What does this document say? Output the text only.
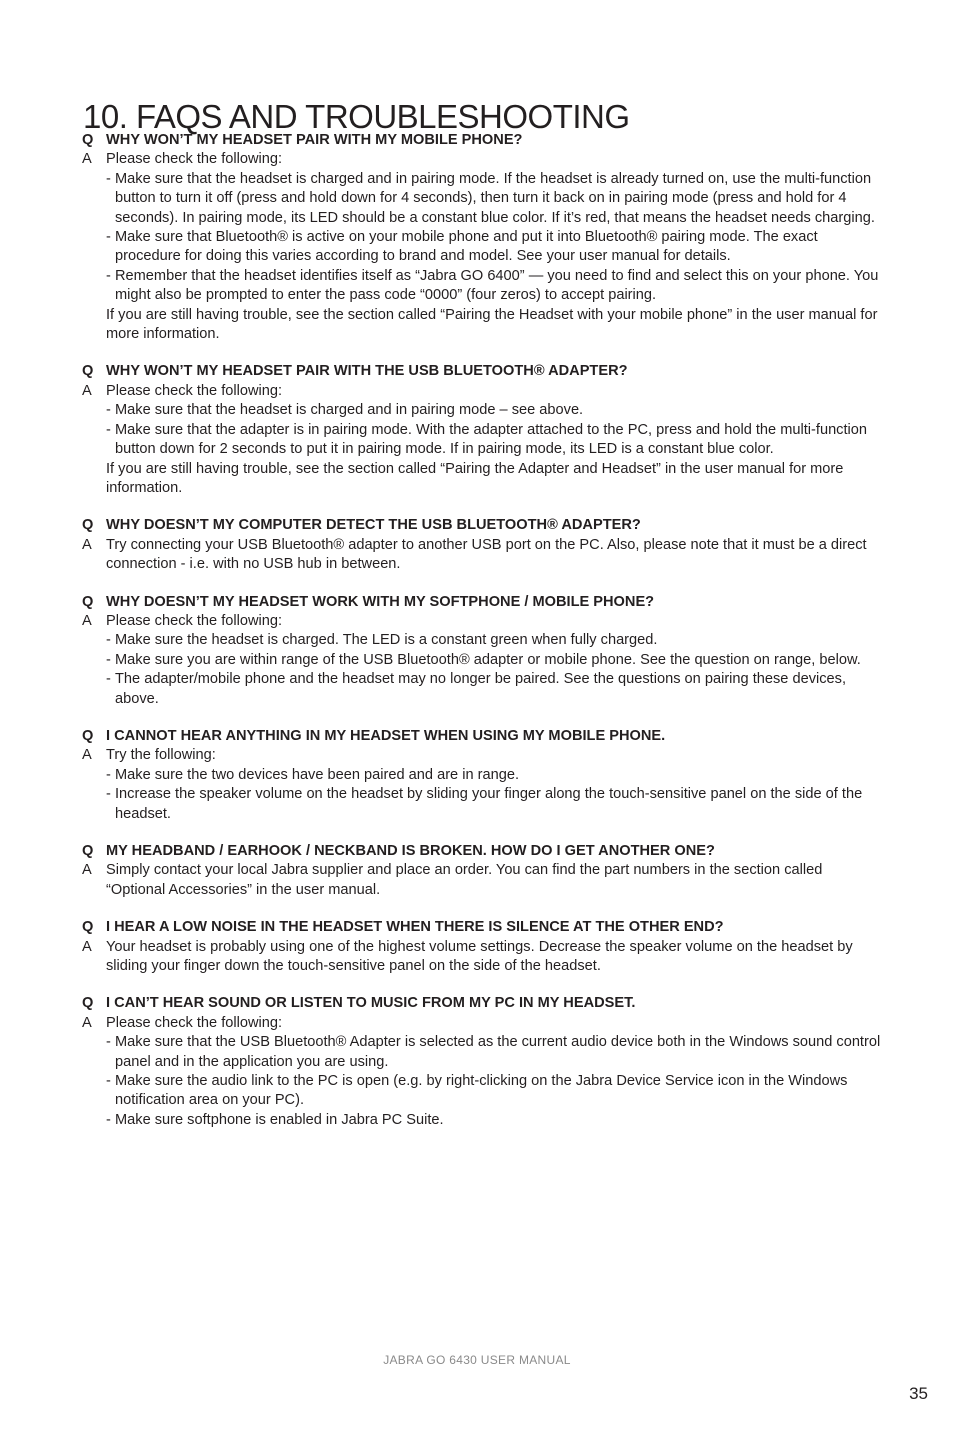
10. FAQS AND TROUBLESHOOTING
Q WHY WON’T MY HEADSET PAIR WITH MY MOBILE PHONE?
A Please check the following:
- Make sure that the headset is charged and in pairing mode. If the headset is already turned on, use the multi-function button to turn it off (press and hold down for 4 seconds), then turn it back on in pairing mode (press and hold for 4 seconds). In pairing mode, its LED should be a constant blue color. If it’s red, that means the headset needs charging.
- Make sure that Bluetooth® is active on your mobile phone and put it into Bluetooth® pairing mode. The exact procedure for doing this varies according to brand and model. See your user manual for details.
- Remember that the headset identifies itself as “Jabra GO 6400” — you need to find and select this on your phone. You might also be prompted to enter the pass code “0000” (four zeros) to accept pairing.
If you are still having trouble, see the section called “Pairing the Headset with your mobile phone” in the user manual for more information.
Q WHY WON’T MY HEADSET PAIR WITH THE USB BLUETOOTH® ADAPTER?
A Please check the following:
- Make sure that the headset is charged and in pairing mode – see above.
- Make sure that the adapter is in pairing mode. With the adapter attached to the PC, press and hold the multi-function button down for 2 seconds to put it in pairing mode. If in pairing mode, its LED is a constant blue color.
If you are still having trouble, see the section called “Pairing the Adapter and Headset” in the user manual for more information.
Q WHY DOESN’T MY COMPUTER DETECT THE USB BLUETOOTH® ADAPTER?
A Try connecting your USB Bluetooth® adapter to another USB port on the PC. Also, please note that it must be a direct connection - i.e. with no USB hub in between.
Q WHY DOESN’T MY HEADSET WORK WITH MY SOFTPHONE / MOBILE PHONE?
A Please check the following:
- Make sure the headset is charged. The LED is a constant green when fully charged.
- Make sure you are within range of the USB Bluetooth® adapter or mobile phone. See the question on range, below.
- The adapter/mobile phone and the headset may no longer be paired. See the questions on pairing these devices, above.
Q I CANNOT HEAR ANYTHING IN MY HEADSET WHEN USING MY MOBILE PHONE.
A Try the following:
- Make sure the two devices have been paired and are in range.
- Increase the speaker volume on the headset by sliding your finger along the touch-sensitive panel on the side of the headset.
Q MY HEADBAND / EARHOOK / NECKBAND IS BROKEN. HOW DO I GET ANOTHER ONE?
A Simply contact your local Jabra supplier and place an order. You can find the part numbers in the section called “Optional Accessories” in the user manual.
Q I HEAR A LOW NOISE IN THE HEADSET WHEN THERE IS SILENCE AT THE OTHER END?
A Your headset is probably using one of the highest volume settings. Decrease the speaker volume on the headset by sliding your finger down the touch-sensitive panel on the side of the headset.
Q I CAN’T HEAR SOUND OR LISTEN TO MUSIC FROM MY PC IN MY HEADSET.
A Please check the following:
- Make sure that the USB Bluetooth® Adapter is selected as the current audio device both in the Windows sound control panel and in the application you are using.
- Make sure the audio link to the PC is open (e.g. by right-clicking on the Jabra Device Service icon in the Windows notification area on your PC).
- Make sure softphone is enabled in Jabra PC Suite.
JABRA GO 6430 USER MANUAL
35
